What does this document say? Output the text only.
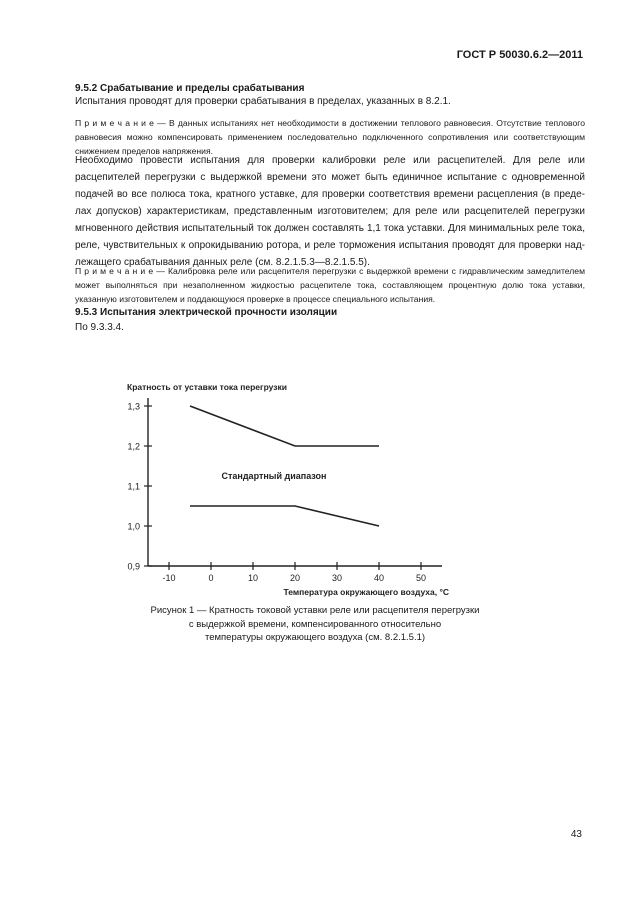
ГОСТ Р 50030.6.2—2011
9.5.2 Срабатывание и пределы срабатывания
Испытания проводят для проверки срабатывания в пределах, указанных в 8.2.1.
П р и м е ч а н и е — В данных испытаниях нет необходимости в достижении теплового равновесия. Отсутствие теплового равновесия можно компенсировать применением последовательно подключенного сопротивления или соответствующим снижением пределов напряжения.
Необходимо провести испытания для проверки калибровки реле или расцепителей. Для реле или расцепителей перегрузки с выдержкой времени это может быть единичное испытание с одновременной подачей во все полюса тока, кратного уставке, для проверки соответствия времени расцепления (в пределах допусков) характеристикам, представленным изготовителем; для реле или расцепителей перегрузки мгновенного действия испытательный ток должен составлять 1,1 тока уставки. Для минимальных реле тока, реле, чувствительных к опрокидыванию ротора, и реле торможения испытания проводят для проверки надлежащего срабатывания данных реле (см. 8.2.1.5.3—8.2.1.5.5).
П р и м е ч а н и е — Калибровка реле или расцепителя перегрузки с выдержкой времени с гидравлическим замедлителем может выполняться при незаполненном жидкостью расцепителе тока, составляющем процентную долю тока уставки, указанную изготовителем и поддающуюся проверке в процессе специального испытания.
9.5.3 Испытания электрической прочности изоляции
По 9.3.3.4.
0,9
1,0
1,1
1,2
1,3
-10	0	10	20	30	40	50
Кратность от уставки тока перегрузки
Температура окружающего воздуха, °С
Стандартный диапазон
Рисунок 1 — Кратность токовой уставки реле или расцепителя перегрузки
с выдержкой времени, компенсированного относительно
температуры окружающего воздуха (см. 8.2.1.5.1)
43
